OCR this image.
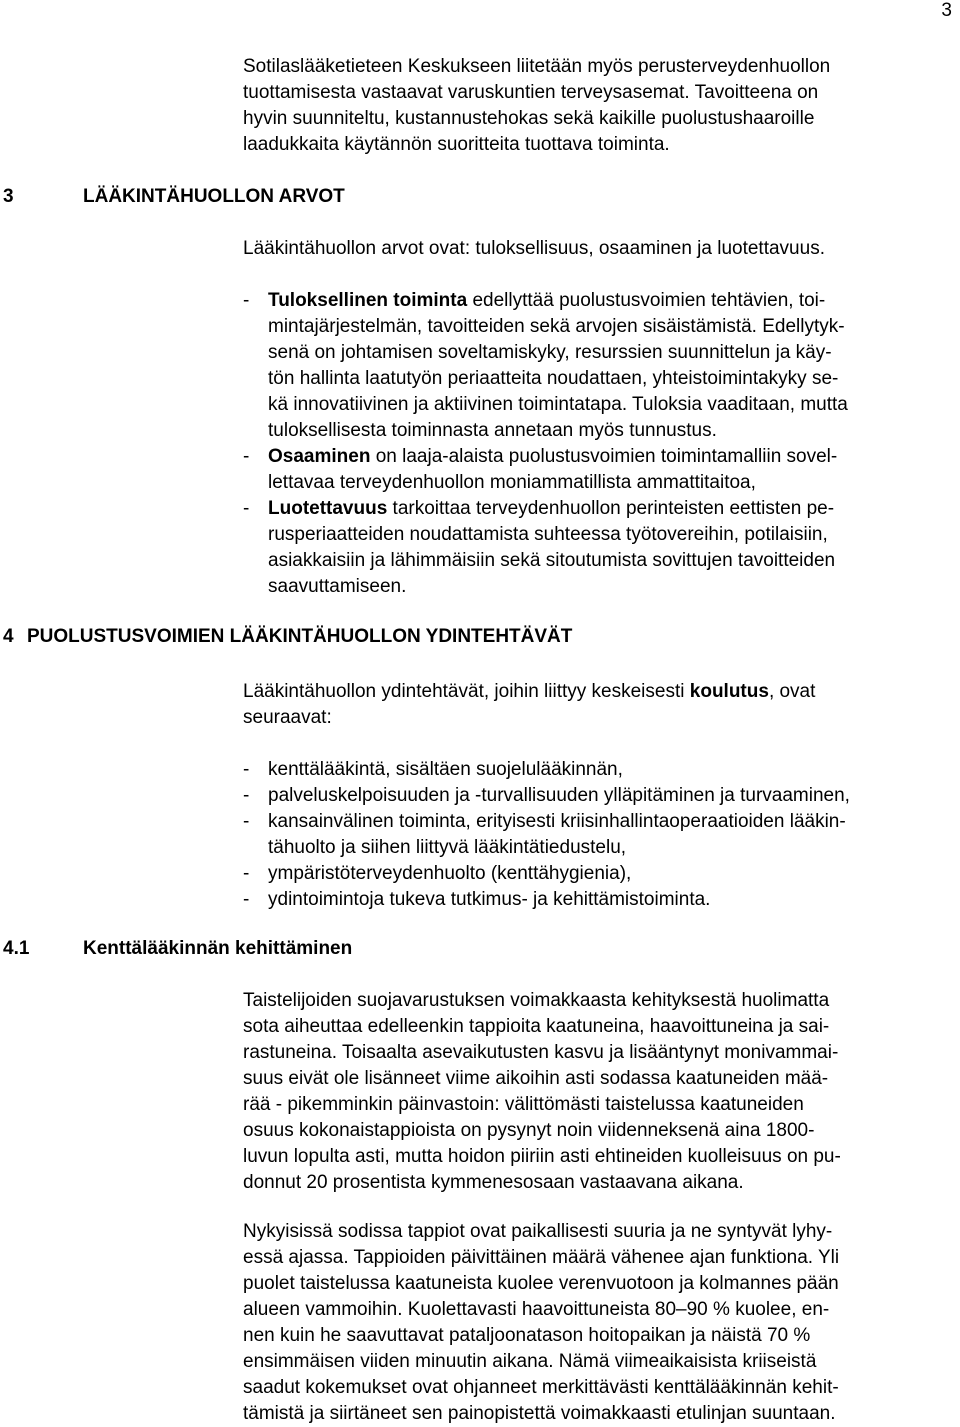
3
Sotilaslääketieteen Keskukseen liitetään myös perusterveydenhuollon
tuottamisesta vastaavat varuskuntien terveysasemat. Tavoitteena on
hyvin suunniteltu, kustannustehokas sekä kaikille puolustushaaroille
laadukkaita käytännön suoritteita tuottava toiminta.
3	LÄÄKINTÄHUOLLON ARVOT

Lääkintähuollon arvot ovat: tuloksellisuus, osaaminen ja luotettavuus.

- Tuloksellinen toiminta edellyttää puolustusvoimien tehtävien, toi-
mintajärjestelmän, tavoitteiden sekä arvojen sisäistämistä. Edellytyk-
senä on johtamisen soveltamiskyky, resurssien suunnittelun ja käy-
tön hallinta laatutyön periaatteita noudattaen, yhteistoimintakyky se-
kä innovatiivinen ja aktiivinen toimintatapa. Tuloksia vaaditaan, mutta
tuloksellisesta toiminnasta annetaan myös tunnustus.
- Osaaminen on laaja-alaista puolustusvoimien toimintamalliin sovel-
lettavaa terveydenhuollon moniammatillista ammattitaitoa,
- Luotettavuus tarkoittaa terveydenhuollon perinteisten eettisten pe-
rusperiaatteiden noudattamista suhteessa työtovereihin, potilaisiin,
asiakkaisiin ja lähimmäisiin sekä sitoutumista sovittujen tavoitteiden
saavuttamiseen.
4 PUOLUSTUSVOIMIEN LÄÄKINTÄHUOLLON YDINTEHTÄVÄT
Lääkintähuollon ydintehtävät, joihin liittyy keskeisesti koulutus, ovat
seuraavat:
- kenttälääkintä, sisältäen suojelulääkinnän,
- palveluskelpoisuuden ja -turvallisuuden ylläpitäminen ja turvaaminen,
- kansainvälinen toiminta, erityisesti kriisinhallintaoperaatioiden lääkin-
tähuolto ja siihen liittyvä lääkintätiedustelu,
- ympäristöterveydenhuolto (kenttähygienia),
- ydintoimintoja tukeva tutkimus- ja kehittämistoiminta.
4.1	Kenttälääkinnän kehittäminen
Taistelijoiden suojavarustuksen voimakkaasta kehityksestä huolimatta
sota aiheuttaa edelleenkin tappioita kaatuneina, haavoittuneina ja sai-
rastuneina. Toisaalta asevaikutusten kasvu ja lisääntynyt monivammai-
suus eivät ole lisänneet viime aikoihin asti sodassa kaatuneiden mää-
rää - pikemminkin päinvastoin: välittömästi taistelussa kaatuneiden
osuus kokonaistappioista on pysynyt noin viidenneksenä aina 1800-
luvun lopulta asti, mutta hoidon piiriin asti ehtineiden kuolleisuus on pu-
donnut 20 prosentista kymmenesosaan vastaavana aikana.
Nykyisissä sodissa tappiot ovat paikallisesti suuria ja ne syntyvät lyhy-
essä ajassa. Tappioiden päivittäinen määrä vähenee ajan funktiona. Yli
puolet taistelussa kaatuneista kuolee verenvuotoon ja kolmannes pään
alueen vammoihin. Kuolettavasti haavoittuneista 80–90 % kuolee, en-
nen kuin he saavuttavat pataljoonatason hoitopaikan ja näistä 70 %
ensimmäisen viiden minuutin aikana. Nämä viimeaikaisista kriiseistä
saadut kokemukset ovat ohjanneet merkittävästi kenttälääkinnän kehit-
tämistä ja siirtäneet sen painopistettä voimakkaasti etulinjan suuntaan.
